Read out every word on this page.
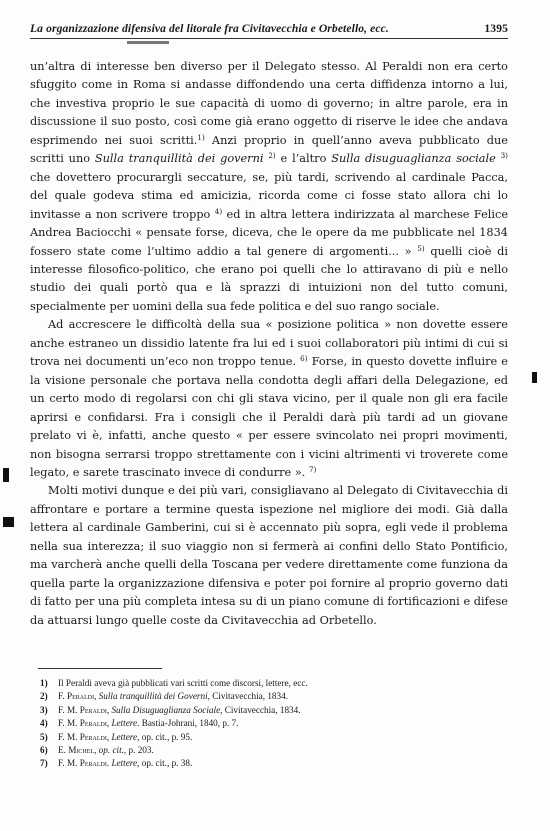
La organizzazione difensiva del litorale fra Civitavecchia e Orbetello, ecc.	1395

un’altra di interesse ben diverso per il Delegato stesso. Al Peraldi non era certo sfuggito come in Roma si andasse diffondendo una certa diffidenza intorno a lui, che investiva proprio le sue capacità di uomo di governo; in altre parole, era in discussione il suo posto, così come già erano oggetto di riserve le idee che andava esprimendo nei suoi scritti.$^{1)}$ Anzi proprio in quell’anno aveva pubblicato due scritti uno Sulla tranquillità dei governi $^{2)}$ e l’altro Sulla disuguaglianza sociale $^{3)}$ che dovettero procurargli seccature, se, più tardi, scrivendo al cardinale Pacca, del quale godeva stima ed amicizia, ricorda come ci fosse stato allora chi lo invitasse a non scrivere troppo $^{4)}$ ed in altra lettera indirizzata al marchese Felice Andrea Baciocchi « pensate forse, diceva, che le opere da me pubblicate nel 1834 fossero state come l’ultimo addio a tal genere di argomenti... » $^{5)}$ quelli cioè di interesse filosofico-politico, che erano poi quelli che lo attiravano di più e nello studio dei quali portò qua e là sprazzi di intuizioni non del tutto comuni, specialmente per uomini della sua fede politica e del suo rango sociale.

Ad accrescere le difficoltà della sua « posizione politica » non dovette essere anche estraneo un dissidio latente fra lui ed i suoi collaboratori più intimi di cui si trova nei documenti un’eco non troppo tenue. $^{6)}$ Forse, in questo dovette influire e la visione personale che portava nella condotta degli affari della Delegazione, ed un certo modo di regolarsi con chi gli stava vicino, per il quale non gli era facile aprirsi e confidarsi. Fra i consigli che il Peraldi darà più tardi ad un giovane prelato vi è, infatti, anche questo « per essere svincolato nei propri movimenti, non bisogna serrarsi troppo strettamente con i vicini altrimenti vi troverete come legato, e sarete trascinato invece di condurre ». $^{7)}$

Molti motivi dunque e dei più vari, consigliavano al Delegato di Civitavecchia di affrontare e portare a termine questa ispezione nel migliore dei modi. Già dalla lettera al cardinale Gamberini, cui si è accennato più sopra, egli vede il problema nella sua interezza; il suo viaggio non si fermerà ai confini dello Stato Pontificio, ma varcherà anche quelli della Toscana per vedere direttamente come funziona da quella parte la organizzazione difensiva e poter poi fornire al proprio governo dati di fatto per una più completa intesa su di un piano comune di fortificazioni e difese da attuarsi lungo quelle coste da Civitavecchia ad Orbetello.

1)	Il Peraldi aveva già pubblicati vari scritti come discorsi, lettere, ecc.
2)	F. Peraldi, Sulla tranquillità dei Governi, Civitavecchia, 1834.
3)	F. M. Peraldi, Sulla Disuguaglianza Sociale, Civitavecchia, 1834.
4)	F. M. Peraldi, Lettere. Bastia-Johrani, 1840, p. 7.
5)	F. M. Peraldi, Lettere, op. cit., p. 95.
6)	E. Michel, op. cit., p. 203.
7)	F. M. Peraldi. Lettere, op. cit., p. 38.
